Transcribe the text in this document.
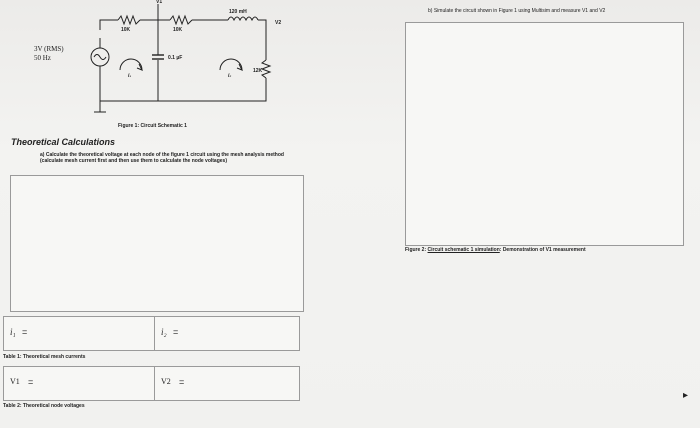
V1
10K	10K
120 mH
V2
0.1 µF
12K
i₁	i₂
3V (RMS)
50 Hz
Figure 1: Circuit Schematic 1
Theoretical Calculations
a) Calculate the theoretical voltage at each node of the figure 1 circuit using the mesh analysis method (calculate mesh current first and then use them to calculate the node voltages)
i₁ =	i₂ =
Table 1: Theoretical mesh currents
V1 =	V2 =
Table 2: Theoretical node voltages
b) Simulate the circuit shown in Figure 1 using Multisim and measure V1 and V2
Figure 2: Circuit schematic 1 simulation: Demonstration of V1 measurement
▸
